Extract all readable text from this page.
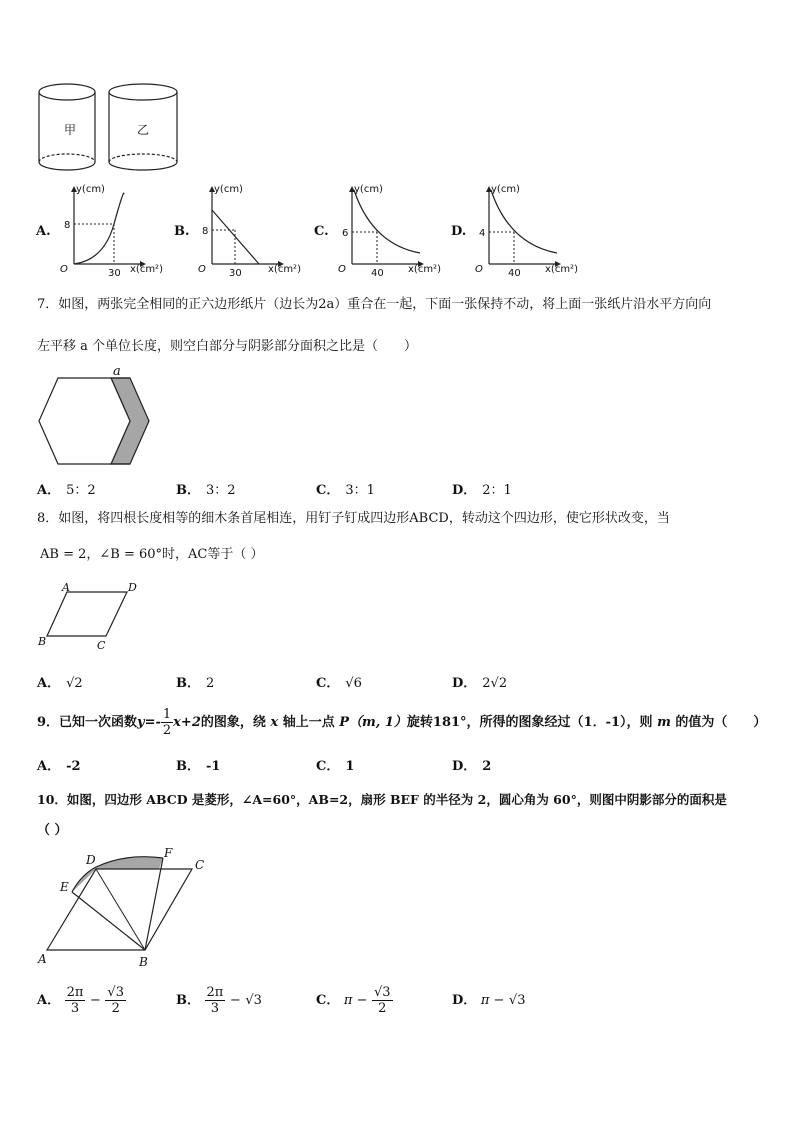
甲	乙
A.
y(cm)
x(cm²)
O
8
30
B.
y(cm)
x(cm²)
O
8
30
C.
y(cm)
x(cm²)
O
6
40
D.
y(cm)
x(cm²)
O
4
40
7．如图，两张完全相同的正六边形纸片（边长为2a）重合在一起，下面一张保持不动，将上面一张纸片沿水平方向向
左平移 a 个单位长度，则空白部分与阴影部分面积之比是（　　）
a
A． 5：2	B． 3：2	C． 3：1	D． 2：1
8．如图，将四根长度相等的细木条首尾相连，用钉子钉成四边形ABCD，转动这个四边形，使它形状改变，当
AB = 2，∠B = 60°时，AC等于（ ）
A	D
B	C
A． √2	B． 2	C． √6	D． 2√2
9．已知一次函数$y=- \frac{1}{2} x+2$的图象，绕 x 轴上一点 P（m, 1）旋转181°，所得的图象经过（1．-1），则 m 的值为（　　）
A． -2	B． -1	C． 1	D． 2
10．如图，四边形 ABCD 是菱形，∠A=60°，AB=2，扇形 BEF 的半径为 2，圆心角为 60°，则图中阴影部分的面积是
（ ）
D	F
C
E
A	B
A． $\frac{2\pi}{3} - \frac{√3}{2}$	B． $\frac{2\pi}{3} - √3$	C． $\pi - \frac{√3}{2}$	D． π − √3
